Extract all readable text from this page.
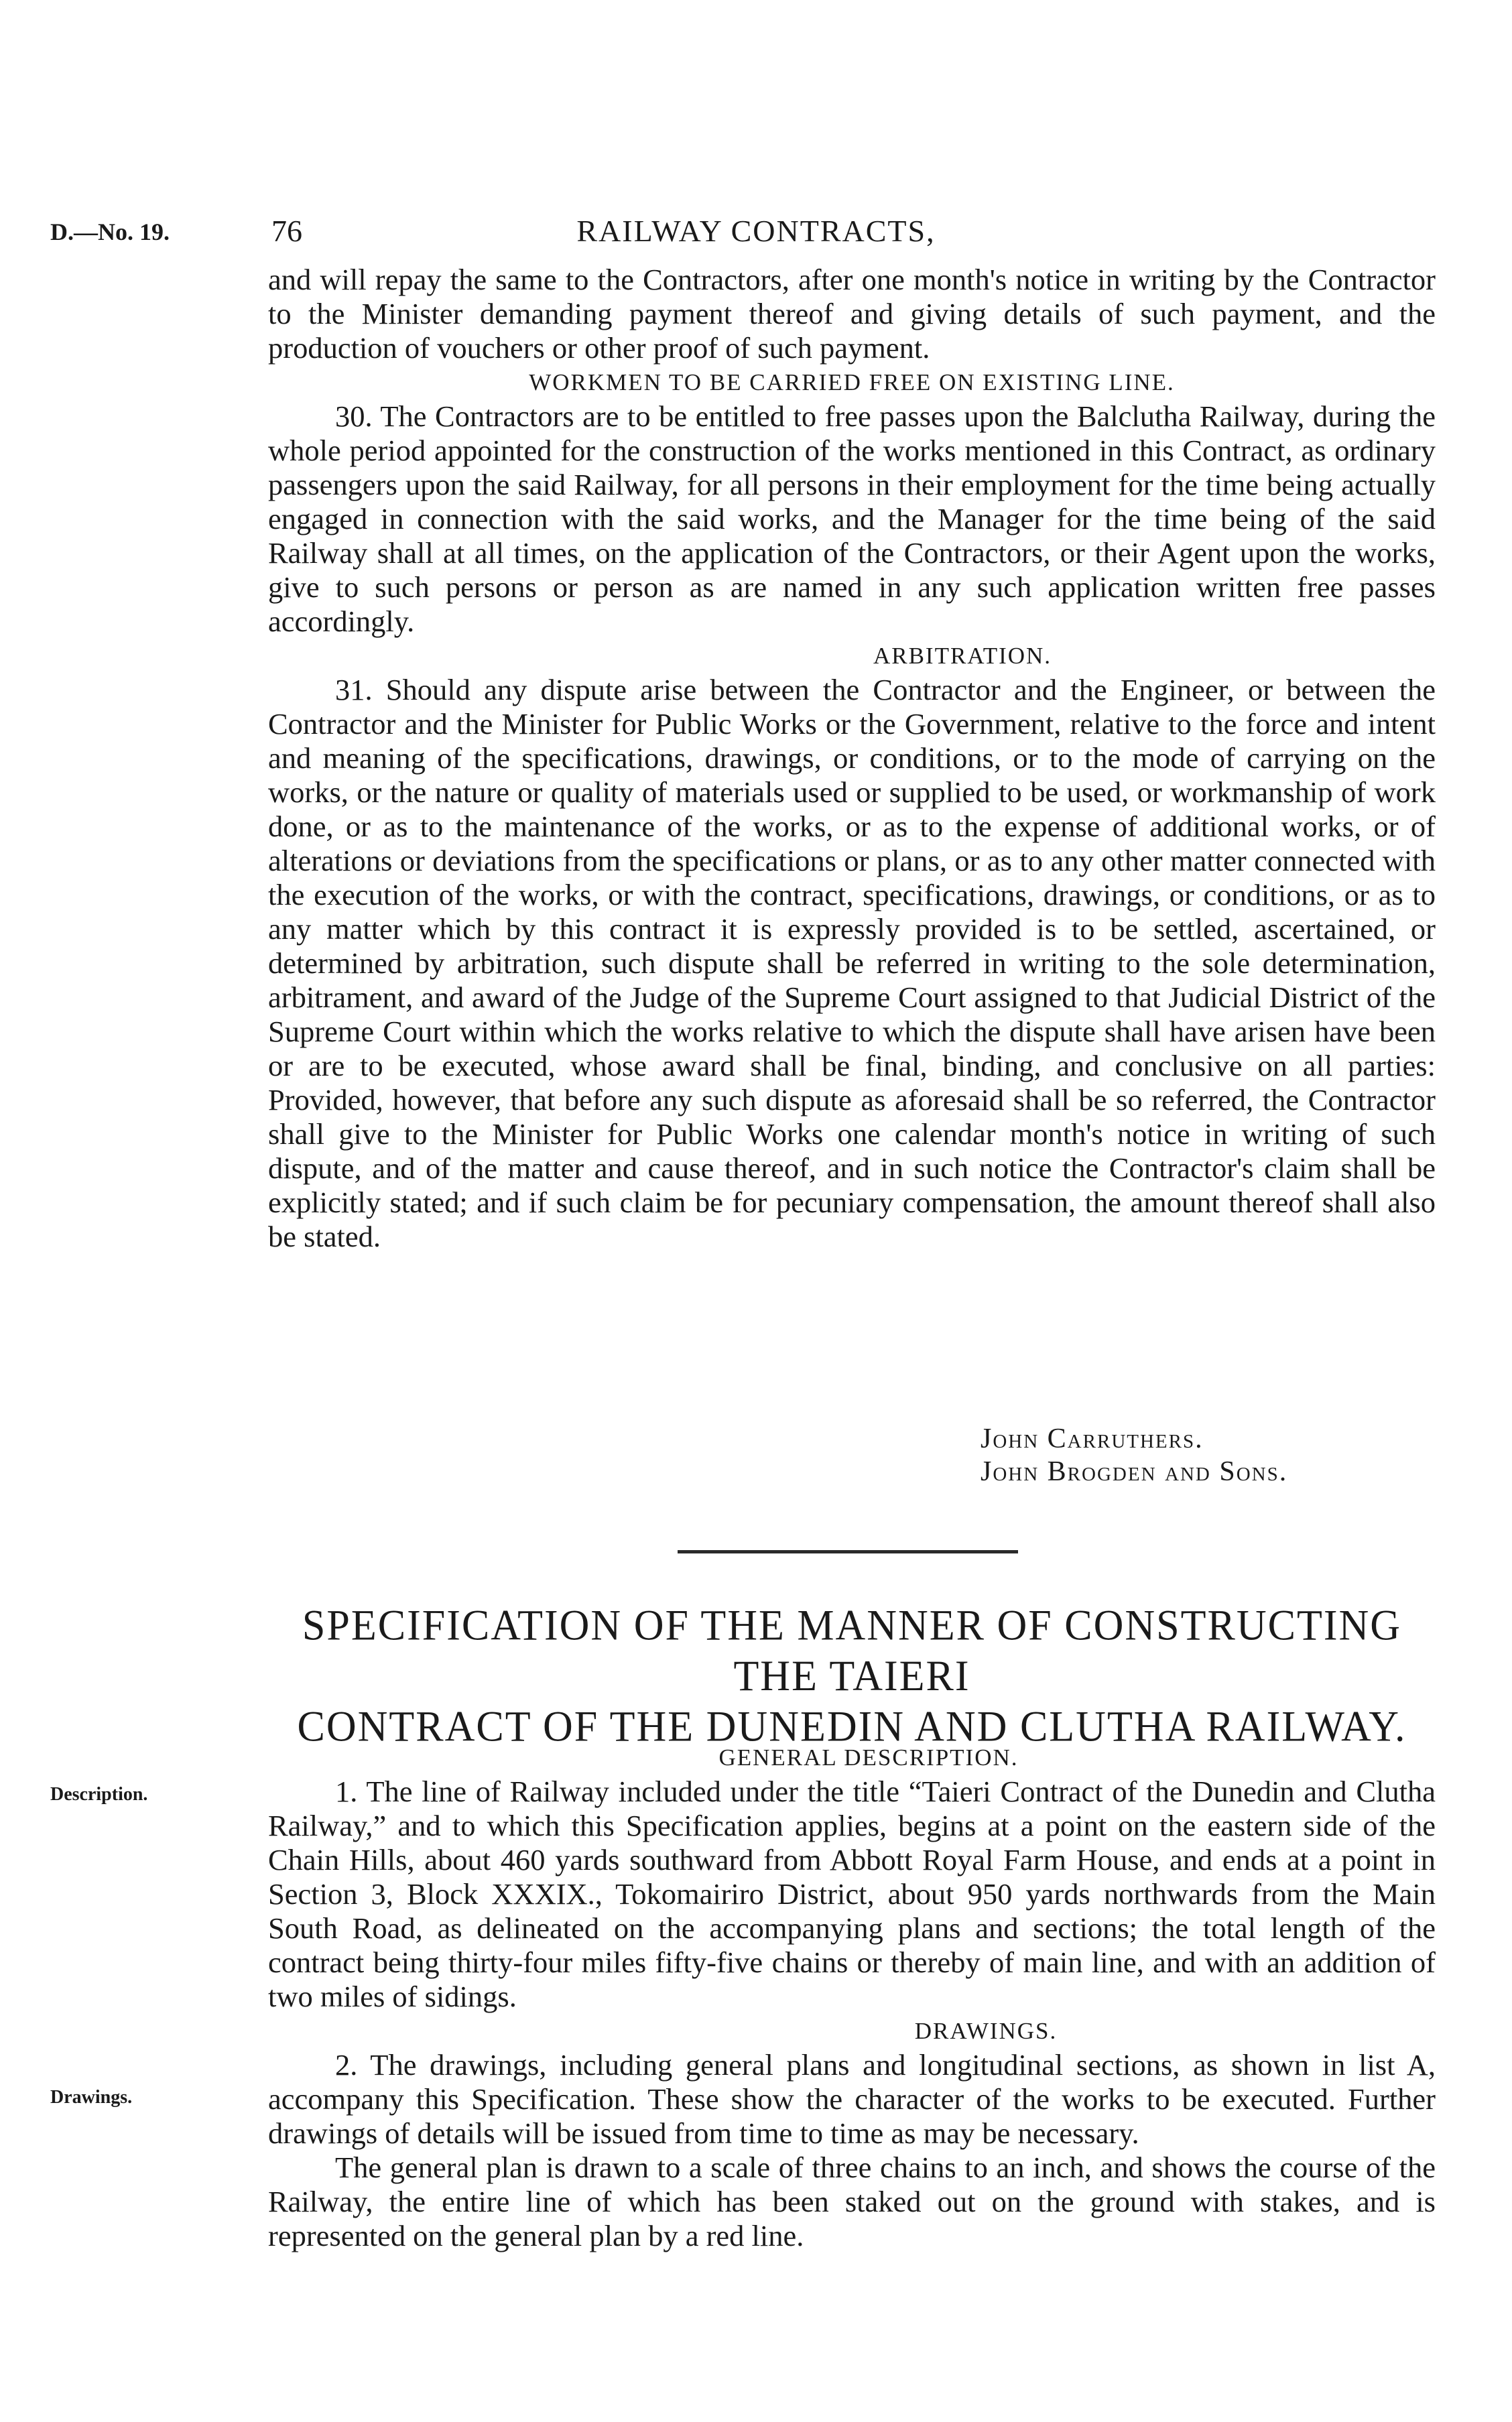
D.—No. 19.	76	RAILWAY CONTRACTS,

and will repay the same to the Contractors, after one month's notice in writing by the Contractor to the Minister demanding payment thereof and giving details of such payment, and the production of vouchers or other proof of such payment.

WORKMEN TO BE CARRIED FREE ON EXISTING LINE.

30. The Contractors are to be entitled to free passes upon the Balclutha Railway, during the whole period appointed for the construction of the works mentioned in this Contract, as ordinary passengers upon the said Railway, for all persons in their employment for the time being actually engaged in connection with the said works, and the Manager for the time being of the said Railway shall at all times, on the application of the Contractors, or their Agent upon the works, give to such persons or person as are named in any such application written free passes accordingly.

ARBITRATION.

31. Should any dispute arise between the Contractor and the Engineer, or between the Contractor and the Minister for Public Works or the Government, relative to the force and intent and meaning of the specifications, drawings, or conditions, or to the mode of carrying on the works, or the nature or quality of materials used or supplied to be used, or workmanship of work done, or as to the maintenance of the works, or as to the expense of additional works, or of alterations or deviations from the specifications or plans, or as to any other matter connected with the execution of the works, or with the contract, specifications, drawings, or conditions, or as to any matter which by this contract it is expressly provided is to be settled, ascertained, or determined by arbitration, such dispute shall be referred in writing to the sole determination, arbitrament, and award of the Judge of the Supreme Court assigned to that Judicial District of the Supreme Court within which the works relative to which the dispute shall have arisen have been or are to be executed, whose award shall be final, binding, and conclusive on all parties: Provided, however, that before any such dispute as aforesaid shall be so referred, the Contractor shall give to the Minister for Public Works one calendar month's notice in writing of such dispute, and of the matter and cause thereof, and in such notice the Contractor's claim shall be explicitly stated; and if such claim be for pecuniary compensation, the amount thereof shall also be stated.

John Carruthers.
John Brogden and Sons.
SPECIFICATION OF THE MANNER OF CONSTRUCTING THE TAIERI
CONTRACT OF THE DUNEDIN AND CLUTHA RAILWAY.
Description.
Drawings.
GENERAL DESCRIPTION.

1. The line of Railway included under the title “Taieri Contract of the Dunedin and Clutha Railway,” and to which this Specification applies, begins at a point on the eastern side of the Chain Hills, about 460 yards southward from Abbott Royal Farm House, and ends at a point in Section 3, Block XXXIX., Tokomairiro District, about 950 yards northwards from the Main South Road, as delineated on the accompanying plans and sections; the total length of the contract being thirty-four miles fifty-five chains or thereby of main line, and with an addition of two miles of sidings.

DRAWINGS.

2. The drawings, including general plans and longitudinal sections, as shown in list A, accompany this Specification. These show the character of the works to be executed. Further drawings of details will be issued from time to time as may be necessary.

The general plan is drawn to a scale of three chains to an inch, and shows the course of the Railway, the entire line of which has been staked out on the ground with stakes, and is represented on the general plan by a red line.
